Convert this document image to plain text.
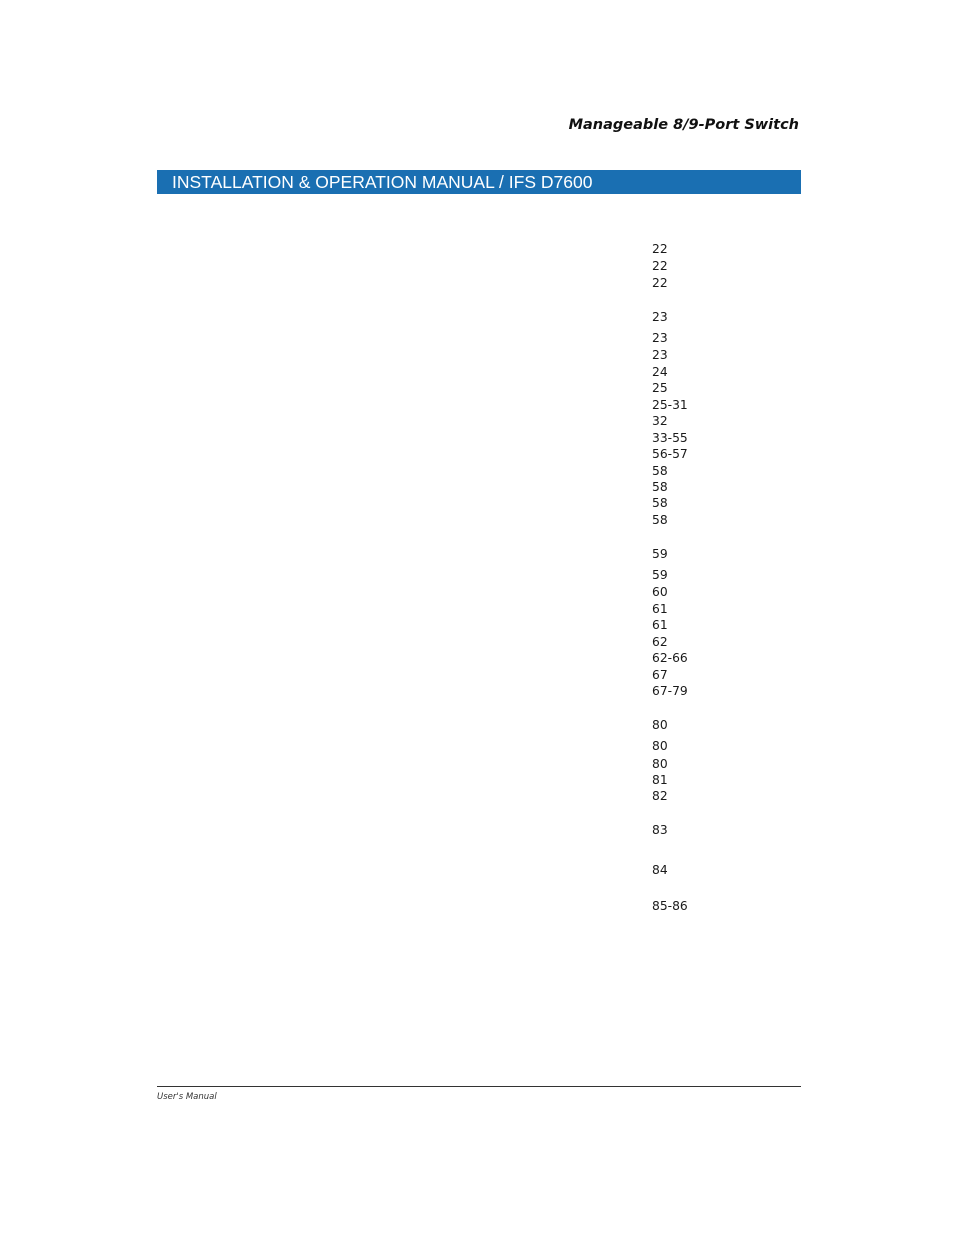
Manageable 8/9-Port Switch
INSTALLATION & OPERATION MANUAL / IFS D7600
22
22
22
23
23
23
24
25
25-31
32
33-55
56-57
58
58
58
58
59
59
60
61
61
62
62-66
67
67-79
80
80
80
81
82
83
84
85-86
User's Manual
